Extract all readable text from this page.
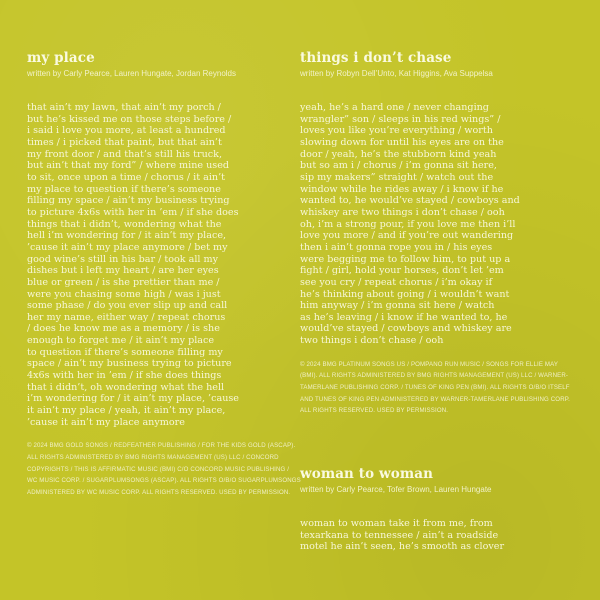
my place

written by Carly Pearce, Lauren Hungate, Jordan Reynolds

that ain’t my lawn, that ain’t my porch /
but he’s kissed me on those steps before /
i said i love you more, at least a hundred
times / i picked that paint, but that ain’t
my front door / and that’s still his truck,
but ain’t that my ford” / where mine used
to sit, once upon a time / chorus / it ain’t
my place to question if there’s someone
filling my space / ain’t my business trying
to picture 4x6s with her in ’em / if she does
things that i didn’t, wondering what the
hell i’m wondering for / it ain’t my place,
’cause it ain’t my place anymore / bet my
good wine’s still in his bar / took all my
dishes but i left my heart / are her eyes
blue or green / is she prettier than me /
were you chasing some high / was i just
some phase / do you ever slip up and call
her my name, either way / repeat chorus
/ does he know me as a memory / is she
enough to forget me / it ain’t my place
to question if there’s someone filling my
space / ain’t my business trying to picture
4x6s with her in ’em / if she does things
that i didn’t, oh wondering what the hell
i’m wondering for / it ain’t my place, ’cause
it ain’t my place / yeah, it ain’t my place,
’cause it ain’t my place anymore
© 2024 BMG GOLD SONGS / REDFEATHER PUBLISHING / FOR THE KIDS GOLD (ASCAP).
ALL RIGHTS ADMINISTERED BY BMG RIGHTS MANAGEMENT (US) LLC / CONCORD
COPYRIGHTS / THIS IS AFFIRMATIC MUSIC (BMI) C/O CONCORD MUSIC PUBLISHING /
WC MUSIC CORP. / SUGARPLUMSONGS (ASCAP). ALL RIGHTS O/B/O SUGARPLUMSONGS
ADMINISTERED BY WC MUSIC CORP. ALL RIGHTS RESERVED. USED BY PERMISSION.
things i don’t chase

written by Robyn Dell’Unto, Kat Higgins, Ava Suppelsa

yeah, he’s a hard one / never changing
wrangler” son / sleeps in his red wings” /
loves you like you’re everything / worth
slowing down for until his eyes are on the
door / yeah, he’s the stubborn kind yeah
but so am i / chorus / i’m gonna sit here,
sip my makers” straight / watch out the
window while he rides away / i know if he
wanted to, he would’ve stayed / cowboys and
whiskey are two things i don’t chase / ooh
oh, i’m a strong pour, if you love me then i’ll
love you more / and if you’re out wandering
then i ain’t gonna rope you in / his eyes
were begging me to follow him, to put up a
fight / girl, hold your horses, don’t let ’em
see you cry / repeat chorus / i’m okay if
he’s thinking about going / i wouldn’t want
him anyway / i’m gonna sit here / watch
as he’s leaving / i know if he wanted to, he
would’ve stayed / cowboys and whiskey are
two things i don’t chase / ooh
© 2024 BMG PLATINUM SONGS US / POMPANO RUN MUSIC / SONGS FOR ELLIE MAY
(BMI). ALL RIGHTS ADMINISTERED BY BMG RIGHTS MANAGEMENT (US) LLC / WARNER-
TAMERLANE PUBLISHING CORP. / TUNES OF KING PEN (BMI). ALL RIGHTS O/B/O ITSELF
AND TUNES OF KING PEN ADMINISTERED BY WARNER-TAMERLANE PUBLISHING CORP.
ALL RIGHTS RESERVED. USED BY PERMISSION.
woman to woman

written by Carly Pearce, Tofer Brown, Lauren Hungate

woman to woman take it from me, from
texarkana to tennessee / ain’t a roadside
motel he ain’t seen, he’s smooth as clover
